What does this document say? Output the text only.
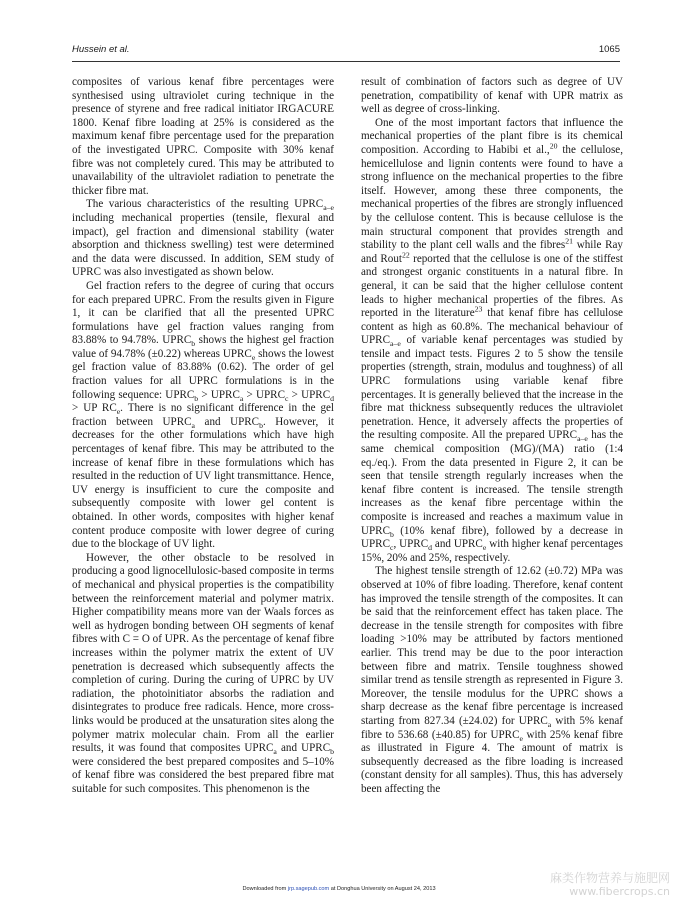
Hussein et al.	1065

composites of various kenaf fibre percentages were synthesised using ultraviolet curing technique in the presence of styrene and free radical initiator IRGACURE 1800. Kenaf fibre loading at 25% is considered as the maximum kenaf fibre percentage used for the preparation of the investigated UPRC. Composite with 30% kenaf fibre was not completely cured. This may be attributed to unavailability of the ultraviolet radiation to penetrate the thicker fibre mat.

The various characteristics of the resulting $UPRC_{a-e}$ including mechanical properties (tensile, flexural and impact), gel fraction and dimensional stability (water absorption and thickness swelling) test were determined and the data were discussed. In addition, SEM study of UPRC was also investigated as shown below.

Gel fraction refers to the degree of curing that occurs for each prepared UPRC. From the results given in Figure 1, it can be clarified that all the presented UPRC formulations have gel fraction values ranging from 83.88% to 94.78%. $UPRC_b$ shows the highest gel fraction value of 94.78% (±0.22) whereas $UPRC_e$ shows the lowest gel fraction value of 83.88% (0.62). The order of gel fraction values for all UPRC formulations is in the following sequence: $UPRC_b$ > $UPRC_a$ > $UPRC_c$ > $UPRC_d$ > UP $RC_e$. There is no significant difference in the gel fraction between $UPRC_a$ and $UPRC_b$. However, it decreases for the other formulations which have high percentages of kenaf fibre. This may be attributed to the increase of kenaf fibre in these formulations which has resulted in the reduction of UV light transmittance. Hence, UV energy is insufficient to cure the composite and subsequently composite with lower gel content is obtained. In other words, composites with higher kenaf content produce composite with lower degree of curing due to the blockage of UV light.

However, the other obstacle to be resolved in producing a good lignocellulosic-based composite in terms of mechanical and physical properties is the compatibility between the reinforcement material and polymer matrix. Higher compatibility means more van der Waals forces as well as hydrogen bonding between OH segments of kenaf fibres with C = O of UPR. As the percentage of kenaf fibre increases within the polymer matrix the extent of UV penetration is decreased which subsequently affects the completion of curing. During the curing of UPRC by UV radiation, the photoinitiator absorbs the radiation and disintegrates to produce free radicals. Hence, more cross-links would be produced at the unsaturation sites along the polymer matrix molecular chain. From all the earlier results, it was found that composites $UPRC_a$ and $UPRC_b$ were considered the best prepared composites and 5–10% of kenaf fibre was considered the best prepared fibre mat suitable for such composites. This phenomenon is the

result of combination of factors such as degree of UV penetration, compatibility of kenaf with UPR matrix as well as degree of cross-linking.

One of the most important factors that influence the mechanical properties of the plant fibre is its chemical composition. According to Habibi et al.,$^{20}$ the cellulose, hemicellulose and lignin contents were found to have a strong influence on the mechanical properties to the fibre itself. However, among these three components, the mechanical properties of the fibres are strongly influenced by the cellulose content. This is because cellulose is the main structural component that provides strength and stability to the plant cell walls and the fibres$^{21}$ while Ray and Rout$^{22}$ reported that the cellulose is one of the stiffest and strongest organic constituents in a natural fibre. In general, it can be said that the higher cellulose content leads to higher mechanical properties of the fibres. As reported in the literature$^{23}$ that kenaf fibre has cellulose content as high as 60.8%. The mechanical behaviour of $UPRC_{a-e}$ of variable kenaf percentages was studied by tensile and impact tests. Figures 2 to 5 show the tensile properties (strength, strain, modulus and toughness) of all UPRC formulations using variable kenaf fibre percentages. It is generally believed that the increase in the fibre mat thickness subsequently reduces the ultraviolet penetration. Hence, it adversely affects the properties of the resulting composite. All the prepared $UPRC_{a-e}$ has the same chemical composition (MG)/(MA) ratio (1:4 eq./eq.). From the data presented in Figure 2, it can be seen that tensile strength regularly increases when the kenaf fibre content is increased. The tensile strength increases as the kenaf fibre percentage within the composite is increased and reaches a maximum value in $UPRC_b$ (10% kenaf fibre), followed by a decrease in $UPRC_c$, $UPRC_d$ and $UPRC_e$ with higher kenaf percentages 15%, 20% and 25%, respectively.

The highest tensile strength of 12.62 (±0.72) MPa was observed at 10% of fibre loading. Therefore, kenaf content has improved the tensile strength of the composites. It can be said that the reinforcement effect has taken place. The decrease in the tensile strength for composites with fibre loading >10% may be attributed by factors mentioned earlier. This trend may be due to the poor interaction between fibre and matrix. Tensile toughness showed similar trend as tensile strength as represented in Figure 3. Moreover, the tensile modulus for the UPRC shows a sharp decrease as the kenaf fibre percentage is increased starting from 827.34 (±24.02) for $UPRC_a$ with 5% kenaf fibre to 536.68 (±40.85) for $UPRC_e$ with 25% kenaf fibre as illustrated in Figure 4. The amount of matrix is subsequently decreased as the fibre loading is increased (constant density for all samples). Thus, this has adversely been affecting the

Downloaded from jrp.sagepub.com at Donghua University on August 24, 2013
麻类作物营养与施肥网
www.fibercrops.cn
